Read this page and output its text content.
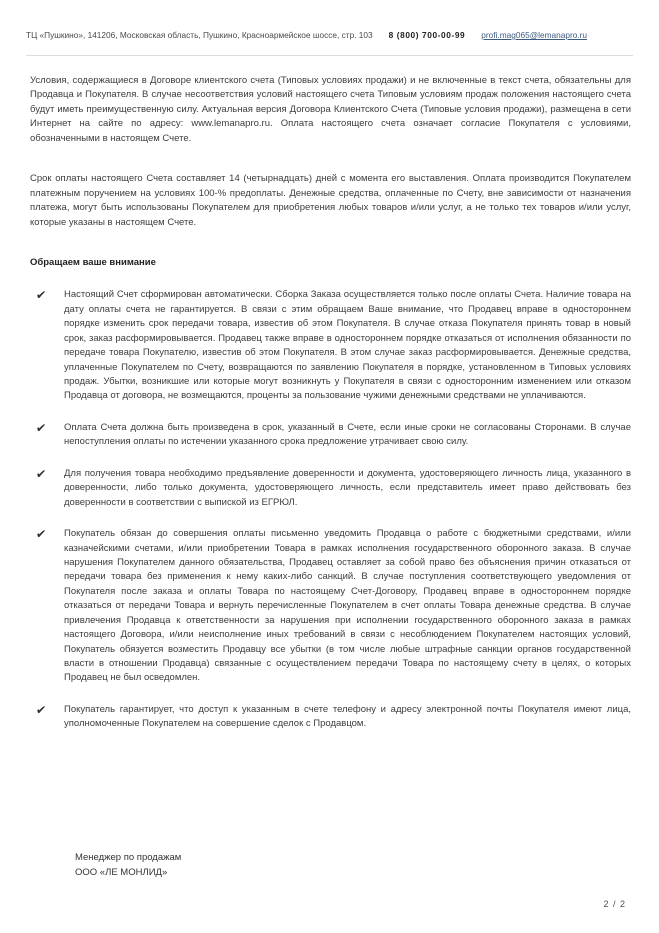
ТЦ «Пушкино», 141206, Московская область, Пушкино, Красноармейское шоссе, стр. 103 8 (800) 700-00-99 profi.mag065@lemanapro.ru

Условия, содержащиеся в Договоре клиентского счета (Типовых условиях продажи) и не включенные в текст счета, обязательны для Продавца и Покупателя. В случае несоответствия условий настоящего счета Типовым условиям продаж положения настоящего счета будут иметь преимущественную силу. Актуальная версия Договора Клиентского Счета (Типовые условия продажи), размещена в сети Интернет на сайте по адресу: www.lemanapro.ru. Оплата настоящего счета означает согласие Покупателя с условиями, обозначенными в настоящем Счете.

Срок оплаты настоящего Счета составляет 14 (четырнадцать) дней с момента его выставления. Оплата производится Покупателем платежным поручением на условиях 100-% предоплаты. Денежные средства, оплаченные по Счету, вне зависимости от назначения платежа, могут быть использованы Покупателем для приобретения любых товаров и/или услуг, а не только тех товаров и/или услуг, которые указаны в настоящем Счете.

Обращаем ваше внимание
✔	Настоящий Счет сформирован автоматически. Сборка Заказа осуществляется только после оплаты Счета. Наличие товара на дату оплаты счета не гарантируется. В связи с этим обращаем Ваше внимание, что Продавец вправе в одностороннем порядке изменить срок передачи товара, известив об этом Покупателя. В случае отказа Покупателя принять товар в новый срок, заказ расформировывается. Продавец также вправе в одностороннем порядке отказаться от исполнения обязанности по передаче товара Покупателю, известив об этом Покупателя. В этом случае заказ расформировывается. Денежные средства, уплаченные Покупателем по Счету, возвращаются по заявлению Покупателя в порядке, установленном в Типовых условиях продаж. Убытки, возникшие или которые могут возникнуть у Покупателя в связи с односторонним изменением или отказом Продавца от договора, не возмещаются, проценты за пользование чужими денежными средствами не уплачиваются.

✔	Оплата Счета должна быть произведена в срок, указанный в Счете, если иные сроки не согласованы Сторонами. В случае непоступления оплаты по истечении указанного срока предложение утрачивает свою силу.

✔	Для получения товара необходимо предъявление доверенности и документа, удостоверяющего личность лица, указанного в доверенности, либо только документа, удостоверяющего личность, если представитель имеет право действовать без доверенности в соответствии с выпиской из ЕГРЮЛ.

✔	Покупатель обязан до совершения оплаты письменно уведомить Продавца о работе с бюджетными средствами, и/или казначейскими счетами, и/или приобретении Товара в рамках исполнения государственного оборонного заказа. В случае нарушения Покупателем данного обязательства, Продавец оставляет за собой право без объяснения причин отказаться от передачи товара без применения к нему каких-либо санкций. В случае поступления соответствующего уведомления от Покупателя после заказа и оплаты Товара по настоящему Счет-Договору, Продавец вправе в одностороннем порядке отказаться от передачи Товара и вернуть перечисленные Покупателем в счет оплаты Товара денежные средства. В случае привлечения Продавца к ответственности за нарушения при исполнении государственного оборонного заказа в рамках настоящего Договора, и/или неисполнение иных требований в связи с несоблюдением Покупателем настоящих условий, Покупатель обязуется возместить Продавцу все убытки (в том числе любые штрафные санкции органов государственной власти в отношении Продавца) связанные с осуществлением передачи Товара по настоящему счету в целях, о которых Продавец не был осведомлен.

✔	Покупатель гарантирует, что доступ к указанным в счете телефону и адресу электронной почты Покупателя имеют лица, уполномоченные Покупателем на совершение сделок с Продавцом.

Менеджер по продажам
ООО «ЛЕ МОНЛИД»
2 / 2
